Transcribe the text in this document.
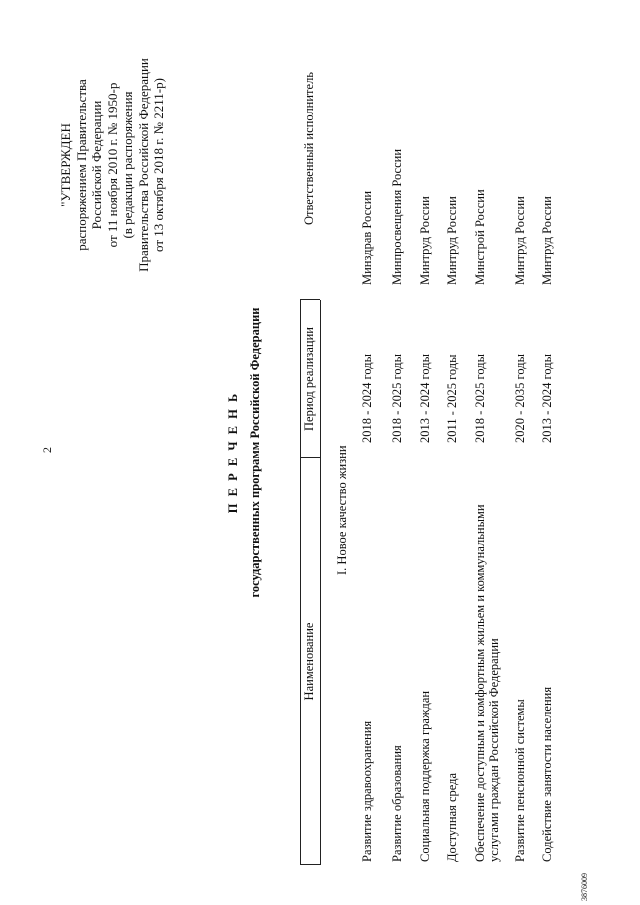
2
"УТВЕРЖДЕН распоряжением Правительства Российской Федерации от 11 ноября 2010 г. № 1950-р (в редакции распоряжения Правительства Российской Федерации от 13 октября 2018 г. № 2211-р)
П Е Р Е Ч Е Н Ь государственных программ Российской Федерации
Наименование
Период реализации
Ответственный исполнитель
I. Новое качество жизни
Развитие здравоохранения
2018 - 2024 годы
Минздрав России
Развитие образования
2018 - 2025 годы
Минпросвещения России
Социальная поддержка граждан
2013 - 2024 годы
Минтруд России
Доступная среда
2011 - 2025 годы
Минтруд России
Обеспечение доступным и комфортным жильем и коммунальными услугами граждан Российской Федерации
2018 - 2025 годы
Минстрой России
Развитие пенсионной системы
2020 - 2035 годы
Минтруд России
Содействие занятости населения
2013 - 2024 годы
Минтруд России
3876009
